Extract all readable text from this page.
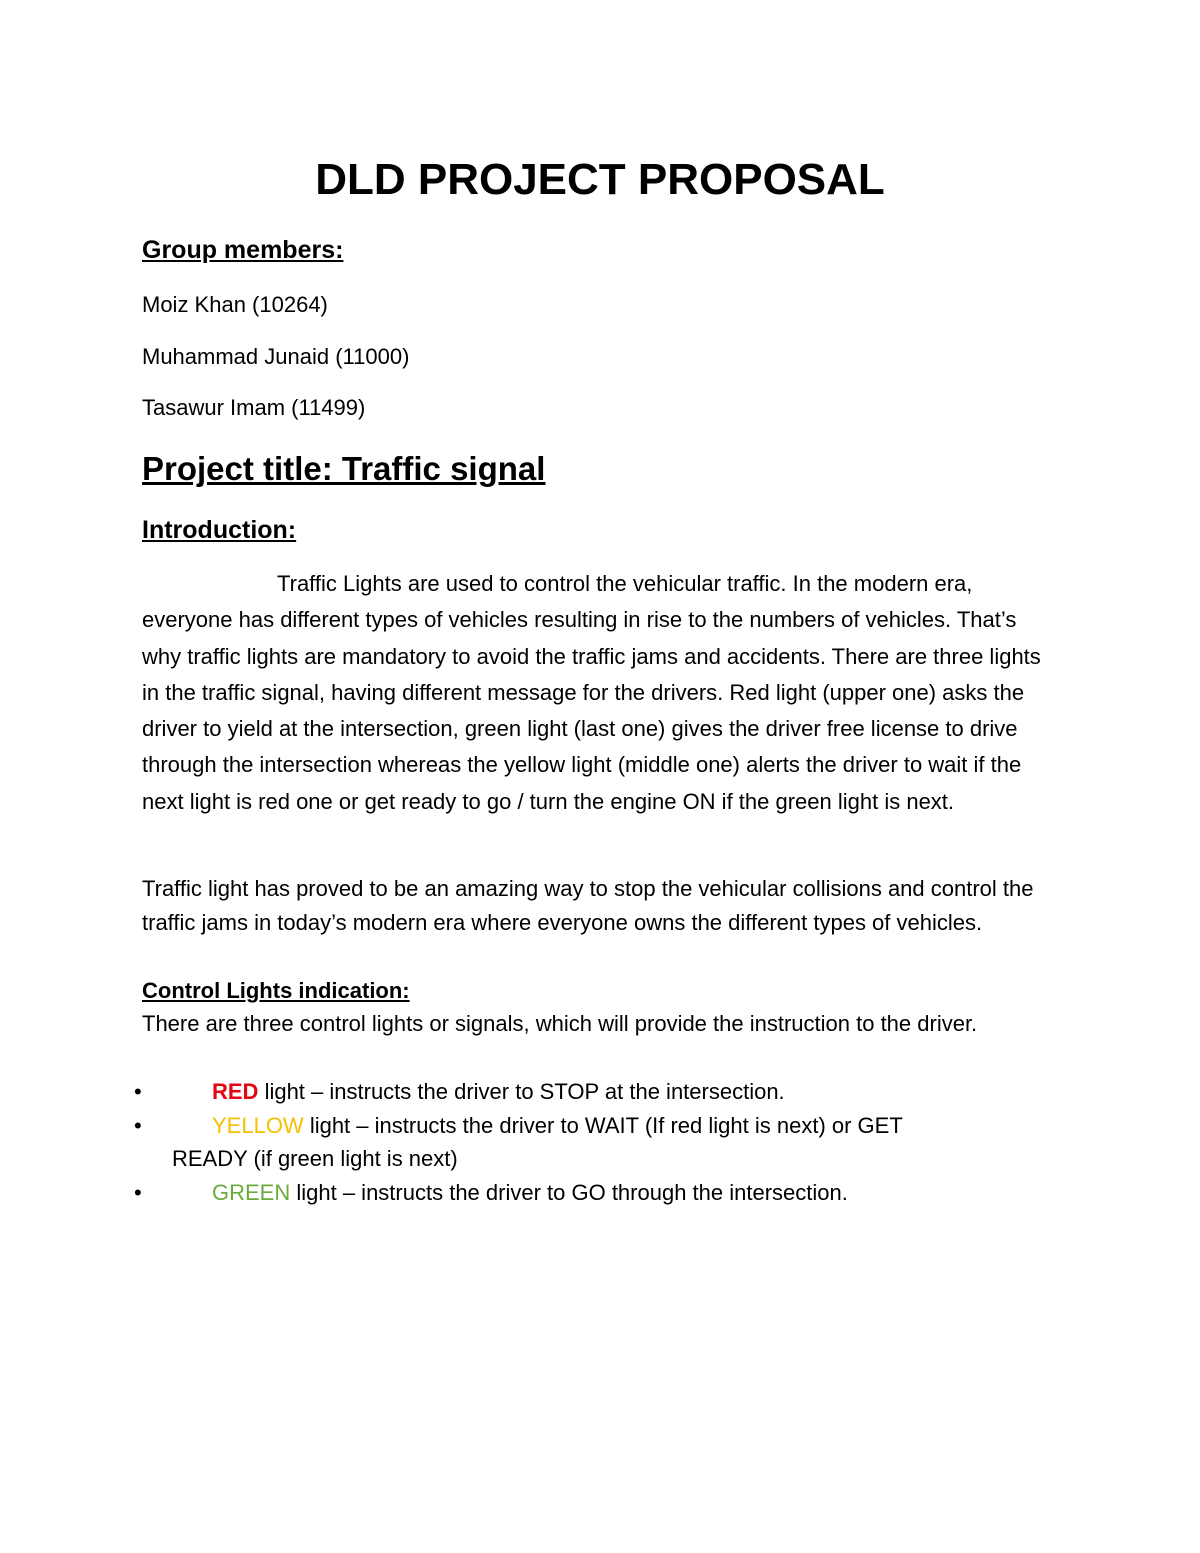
DLD PROJECT PROPOSAL
Group members:

Moiz Khan (10264)

Muhammad Junaid (11000)

Tasawur Imam (11499)

Project title: Traffic signal
Introduction:

Traffic Lights are used to control the vehicular traffic. In the modern era, everyone has different types of vehicles resulting in rise to the numbers of vehicles. That’s why traffic lights are mandatory to avoid the traffic jams and accidents. There are three lights in the traffic signal, having different message for the drivers. Red light (upper one) asks the driver to yield at the intersection, green light (last one) gives the driver free license to drive through the intersection whereas the yellow light (middle one) alerts the driver to wait if the next light is red one or get ready to go / turn the engine ON if the green light is next.

Traffic light has proved to be an amazing way to stop the vehicular collisions and control the traffic jams in today’s modern era where everyone owns the different types of vehicles.

Control Lights indication:

There are three control lights or signals, which will provide the instruction to the driver.

•	RED light – instructs the driver to STOP at the intersection.
•	YELLOW light – instructs the driver to WAIT (If red light is next) or GET
READY (if green light is next)
•	GREEN light – instructs the driver to GO through the intersection.
